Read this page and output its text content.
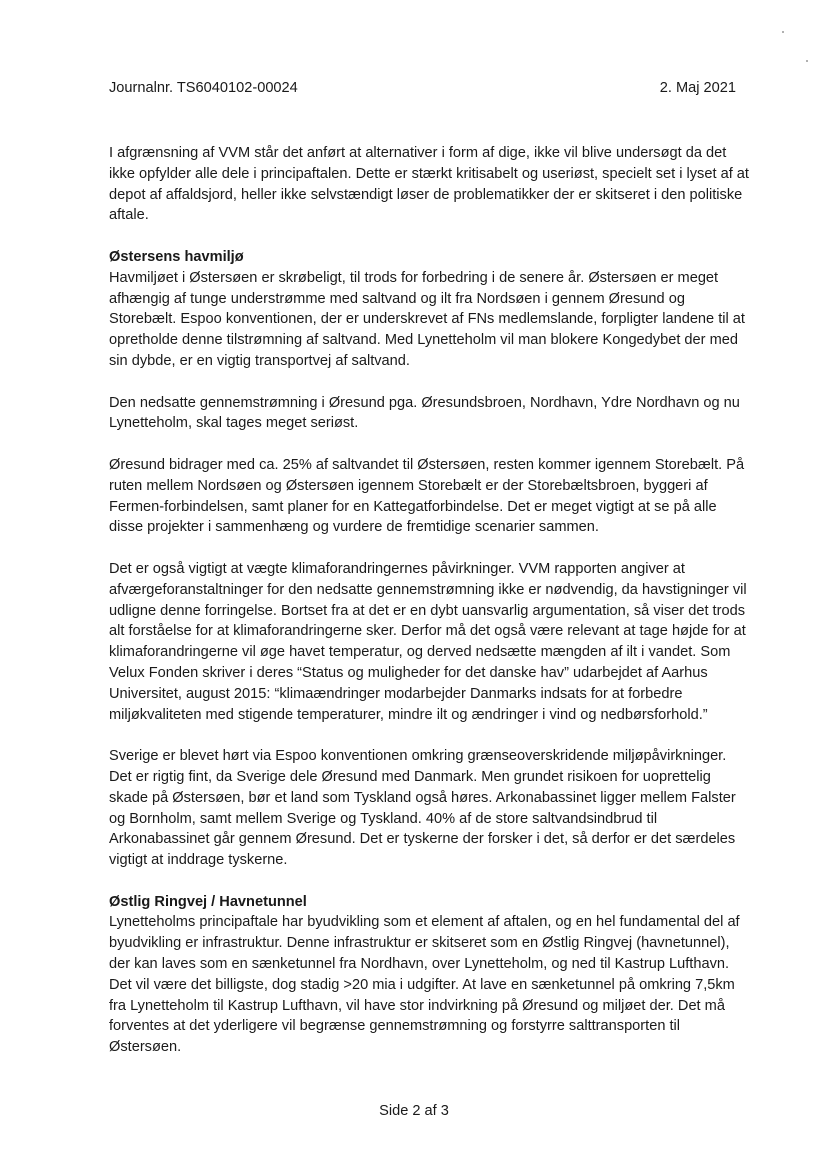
Journalnr. TS6040102-00024	2. Maj 2021

I afgrænsning af VVM står det anført at alternativer i form af dige, ikke vil blive undersøgt da det ikke opfylder alle dele i principaftalen. Dette er stærkt kritisabelt og useriøst, specielt set i lyset af at depot af affaldsjord, heller ikke selvstændigt løser de problematikker der er skitseret i den politiske aftale.

Østersens havmiljø

Havmiljøet i Østersøen er skrøbeligt, til trods for forbedring i de senere år. Østersøen er meget afhængig af tunge understrømme med saltvand og ilt fra Nordsøen i gennem Øresund og Storebælt. Espoo konventionen, der er underskrevet af FNs medlemslande, forpligter landene til at opretholde denne tilstrømning af saltvand. Med Lynetteholm vil man blokere Kongedybet der med sin dybde, er en vigtig transportvej af saltvand.

Den nedsatte gennemstrømning i Øresund pga. Øresundsbroen, Nordhavn, Ydre Nordhavn og nu Lynetteholm, skal tages meget seriøst.

Øresund bidrager med ca. 25% af saltvandet til Østersøen, resten kommer igennem Storebælt. På ruten mellem Nordsøen og Østersøen igennem Storebælt er der Storebæltsbroen, byggeri af Fermen-forbindelsen, samt planer for en Kattegatforbindelse. Det er meget vigtigt at se på alle disse projekter i sammenhæng og vurdere de fremtidige scenarier sammen.

Det er også vigtigt at vægte klimaforandringernes påvirkninger. VVM rapporten angiver at afværgeforanstaltninger for den nedsatte gennemstrømning ikke er nødvendig, da havstigninger vil udligne denne forringelse. Bortset fra at det er en dybt uansvarlig argumentation, så viser det trods alt forståelse for at klimaforandringerne sker. Derfor må det også være relevant at tage højde for at klimaforandringerne vil øge havet temperatur, og derved nedsætte mængden af ilt i vandet. Som Velux Fonden skriver i deres “Status og muligheder for det danske hav” udarbejdet af Aarhus Universitet, august 2015: “klimaændringer modarbejder Danmarks indsats for at forbedre miljøkvaliteten med stigende temperaturer, mindre ilt og ændringer i vind og nedbørsforhold.”

Sverige er blevet hørt via Espoo konventionen omkring grænseoverskridende miljøpåvirkninger. Det er rigtig fint, da Sverige dele Øresund med Danmark. Men grundet risikoen for uoprettelig skade på Østersøen, bør et land som Tyskland også høres. Arkonabassinet ligger mellem Falster og Bornholm, samt mellem Sverige og Tyskland. 40% af de store saltvandsindbrud til Arkonabassinet går gennem Øresund. Det er tyskerne der forsker i det, så derfor er det særdeles vigtigt at inddrage tyskerne.

Østlig Ringvej / Havnetunnel

Lynetteholms principaftale har byudvikling som et element af aftalen, og en hel fundamental del af byudvikling er infrastruktur. Denne infrastruktur er skitseret som en Østlig Ringvej (havnetunnel), der kan laves som en sænketunnel fra Nordhavn, over Lynetteholm, og ned til Kastrup Lufthavn. Det vil være det billigste, dog stadig >20 mia i udgifter. At lave en sænketunnel på omkring 7,5km fra Lynetteholm til Kastrup Lufthavn, vil have stor indvirkning på Øresund og miljøet der. Det må forventes at det yderligere vil begrænse gennemstrømning og forstyrre salttransporten til Østersøen.

Side 2 af 3
